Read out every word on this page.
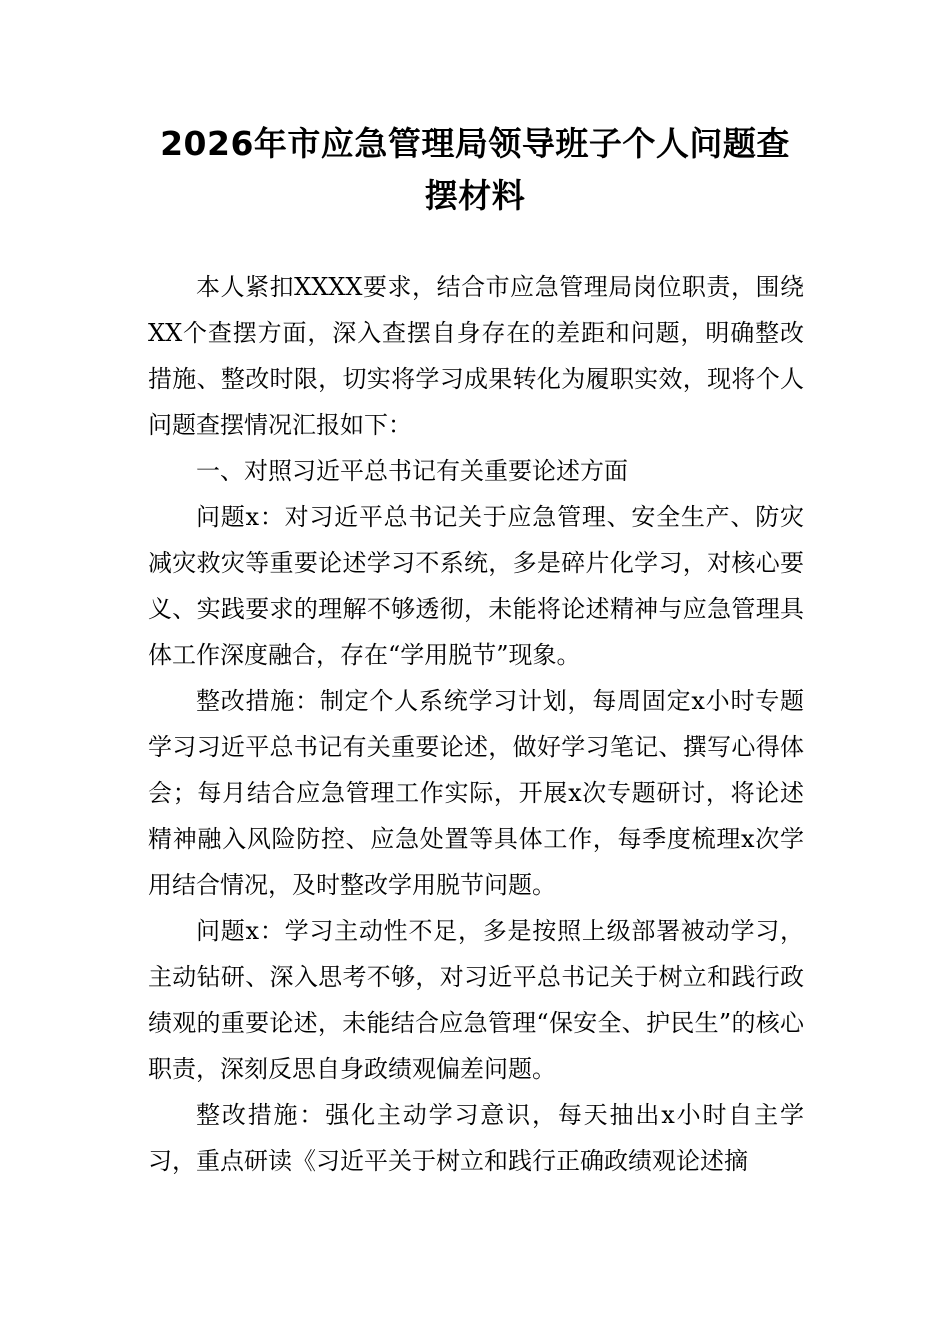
2026年市应急管理局领导班子个人问题查
摆材料

本人紧扣XXXX要求，结合市应急管理局岗位职责，围绕XX个查摆方面，深入查摆自身存在的差距和问题，明确整改措施、整改时限，切实将学习成果转化为履职实效，现将个人问题查摆情况汇报如下：

一、对照习近平总书记有关重要论述方面

问题x：对习近平总书记关于应急管理、安全生产、防灾减灾救灾等重要论述学习不系统，多是碎片化学习，对核心要义、实践要求的理解不够透彻，未能将论述精神与应急管理具体工作深度融合，存在“学用脱节”现象。

整改措施：制定个人系统学习计划，每周固定x小时专题学习习近平总书记有关重要论述，做好学习笔记、撰写心得体会；每月结合应急管理工作实际，开展x次专题研讨，将论述精神融入风险防控、应急处置等具体工作，每季度梳理x次学用结合情况，及时整改学用脱节问题。

问题x：学习主动性不足，多是按照上级部署被动学习，主动钻研、深入思考不够，对习近平总书记关于树立和践行政绩观的重要论述，未能结合应急管理“保安全、护民生”的核心职责，深刻反思自身政绩观偏差问题。

整改措施：强化主动学习意识，每天抽出x小时自主学习，重点研读《习近平关于树立和践行正确政绩观论述摘
